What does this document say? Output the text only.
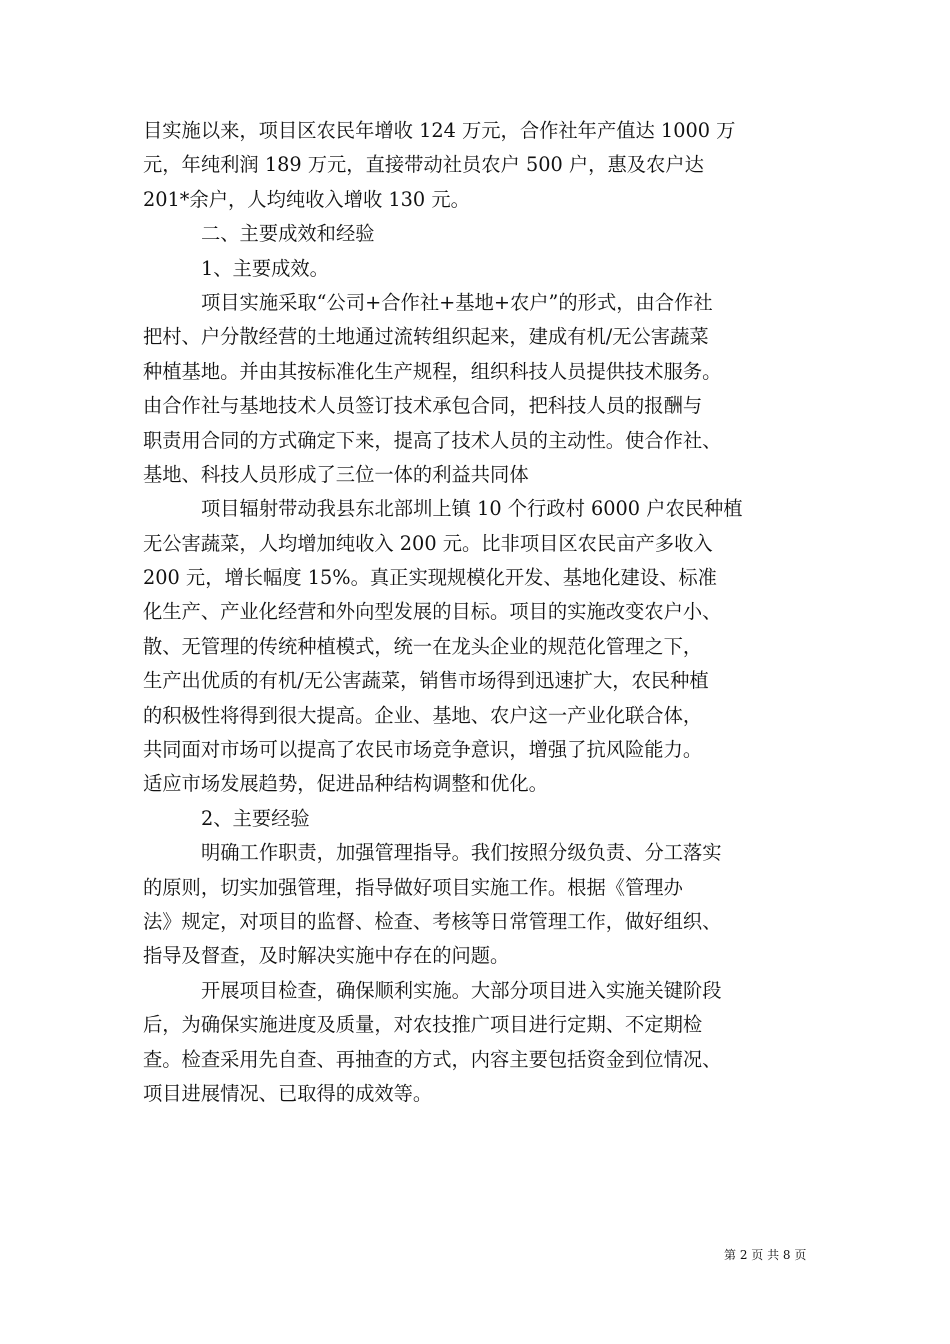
目实施以来，项目区农民年增收 124 万元，合作社年产值达 1000 万
元，年纯利润 189 万元，直接带动社员农户 500 户，惠及农户达
201*余户，人均纯收入增收 130 元。
二、主要成效和经验
1、主要成效。
项目实施采取“公司+合作社+基地+农户”的形式，由合作社
把村、户分散经营的土地通过流转组织起来，建成有机/无公害蔬菜
种植基地。并由其按标准化生产规程，组织科技人员提供技术服务。
由合作社与基地技术人员签订技术承包合同，把科技人员的报酬与
职责用合同的方式确定下来，提高了技术人员的主动性。使合作社、
基地、科技人员形成了三位一体的利益共同体
项目辐射带动我县东北部圳上镇 10 个行政村 6000 户农民种植
无公害蔬菜，人均增加纯收入 200 元。比非项目区农民亩产多收入
200 元，增长幅度 15%。真正实现规模化开发、基地化建设、标准
化生产、产业化经营和外向型发展的目标。项目的实施改变农户小、
散、无管理的传统种植模式，统一在龙头企业的规范化管理之下，
生产出优质的有机/无公害蔬菜，销售市场得到迅速扩大，农民种植
的积极性将得到很大提高。企业、基地、农户这一产业化联合体，
共同面对市场可以提高了农民市场竞争意识，增强了抗风险能力。
适应市场发展趋势，促进品种结构调整和优化。
2、主要经验
明确工作职责，加强管理指导。我们按照分级负责、分工落实
的原则，切实加强管理，指导做好项目实施工作。根据《管理办
法》规定，对项目的监督、检查、考核等日常管理工作，做好组织、
指导及督查，及时解决实施中存在的问题。
开展项目检查，确保顺利实施。大部分项目进入实施关键阶段
后，为确保实施进度及质量，对农技推广项目进行定期、不定期检
查。检查采用先自查、再抽查的方式，内容主要包括资金到位情况、
项目进展情况、已取得的成效等。
第 2 页 共 8 页
